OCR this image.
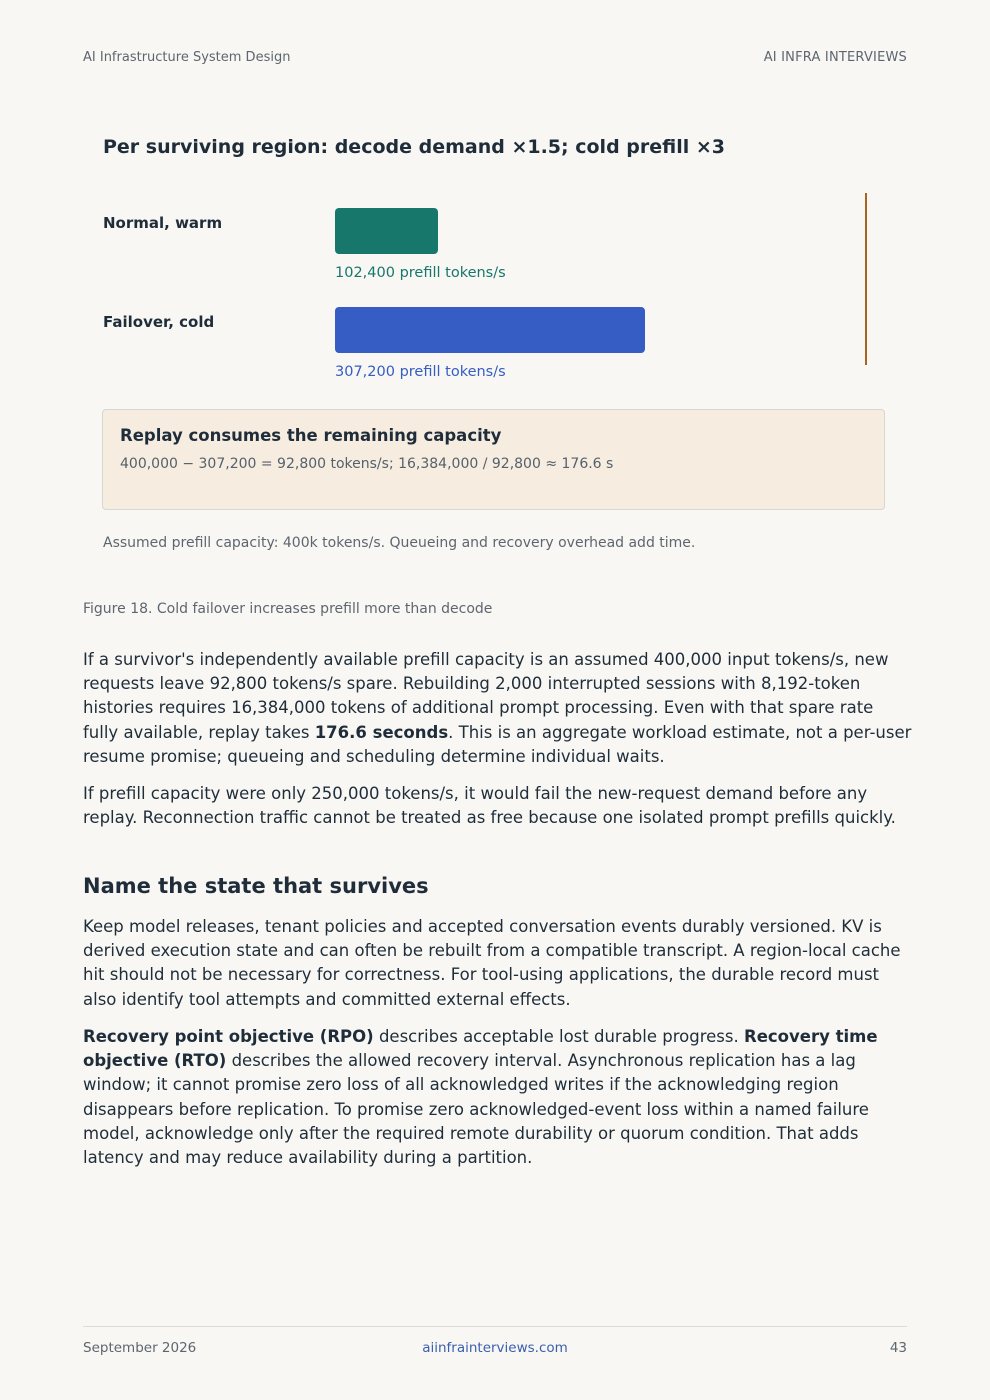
AI Infrastructure System Design	AI INFRA INTERVIEWS
Per surviving region: decode demand ×1.5; cold prefill ×3
Normal, warm
102,400 prefill tokens/s
Failover, cold
307,200 prefill tokens/s
Replay consumes the remaining capacity
400,000 − 307,200 = 92,800 tokens/s; 16,384,000 / 92,800 ≈ 176.6 s
Assumed prefill capacity: 400k tokens/s. Queueing and recovery overhead add time.
Figure 18. Cold failover increases prefill more than decode

If a survivor's independently available prefill capacity is an assumed 400,000 input tokens/s, new requests leave 92,800 tokens/s spare. Rebuilding 2,000 interrupted sessions with 8,192-token histories requires 16,384,000 tokens of additional prompt processing. Even with that spare rate fully available, replay takes 176.6 seconds. This is an aggregate workload estimate, not a per-user resume promise; queueing and scheduling determine individual waits.

If prefill capacity were only 250,000 tokens/s, it would fail the new-request demand before any replay. Reconnection traffic cannot be treated as free because one isolated prompt prefills quickly.

Name the state that survives

Keep model releases, tenant policies and accepted conversation events durably versioned. KV is derived execution state and can often be rebuilt from a compatible transcript. A region-local cache hit should not be necessary for correctness. For tool-using applications, the durable record must also identify tool attempts and committed external effects.

Recovery point objective (RPO) describes acceptable lost durable progress. Recovery time objective (RTO) describes the allowed recovery interval. Asynchronous replication has a lag window; it cannot promise zero loss of all acknowledged writes if the acknowledging region disappears before replication. To promise zero acknowledged-event loss within a named failure model, acknowledge only after the required remote durability or quorum condition. That adds latency and may reduce availability during a partition.

September 2026	aiinfrainterviews.com	43
